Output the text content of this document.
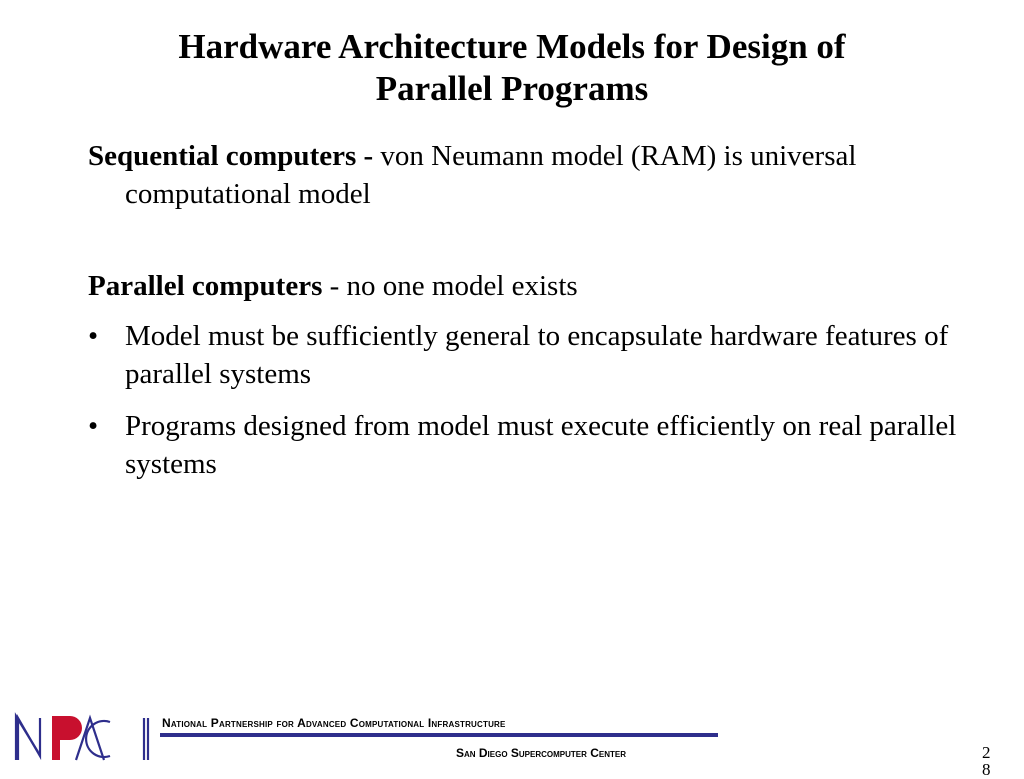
Hardware Architecture Models for Design of
Parallel Programs
Sequential computers - von Neumann model (RAM) is universal computational model
Parallel computers - no one model exists
• Model must be sufficiently general to encapsulate hardware features of parallel systems
• Programs designed from model must execute efficiently on real parallel systems
NPACI
National Partnership for Advanced Computational Infrastructure
San Diego Supercomputer Center	28
